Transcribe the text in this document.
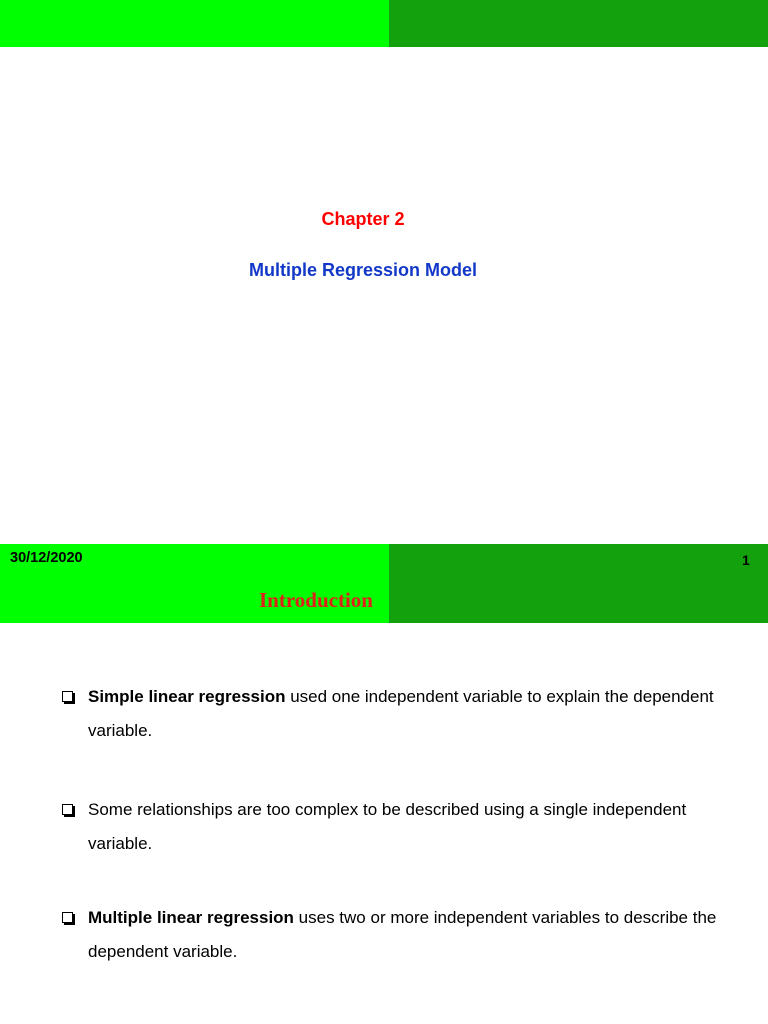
Chapter 2
Multiple Regression Model
30/12/2020	1
Introduction
Simple linear regression used one independent variable to explain the dependent
variable.
Some relationships are too complex to be described using a single independent
variable.
Multiple linear regression uses two or more independent variables to describe the
dependent variable.
